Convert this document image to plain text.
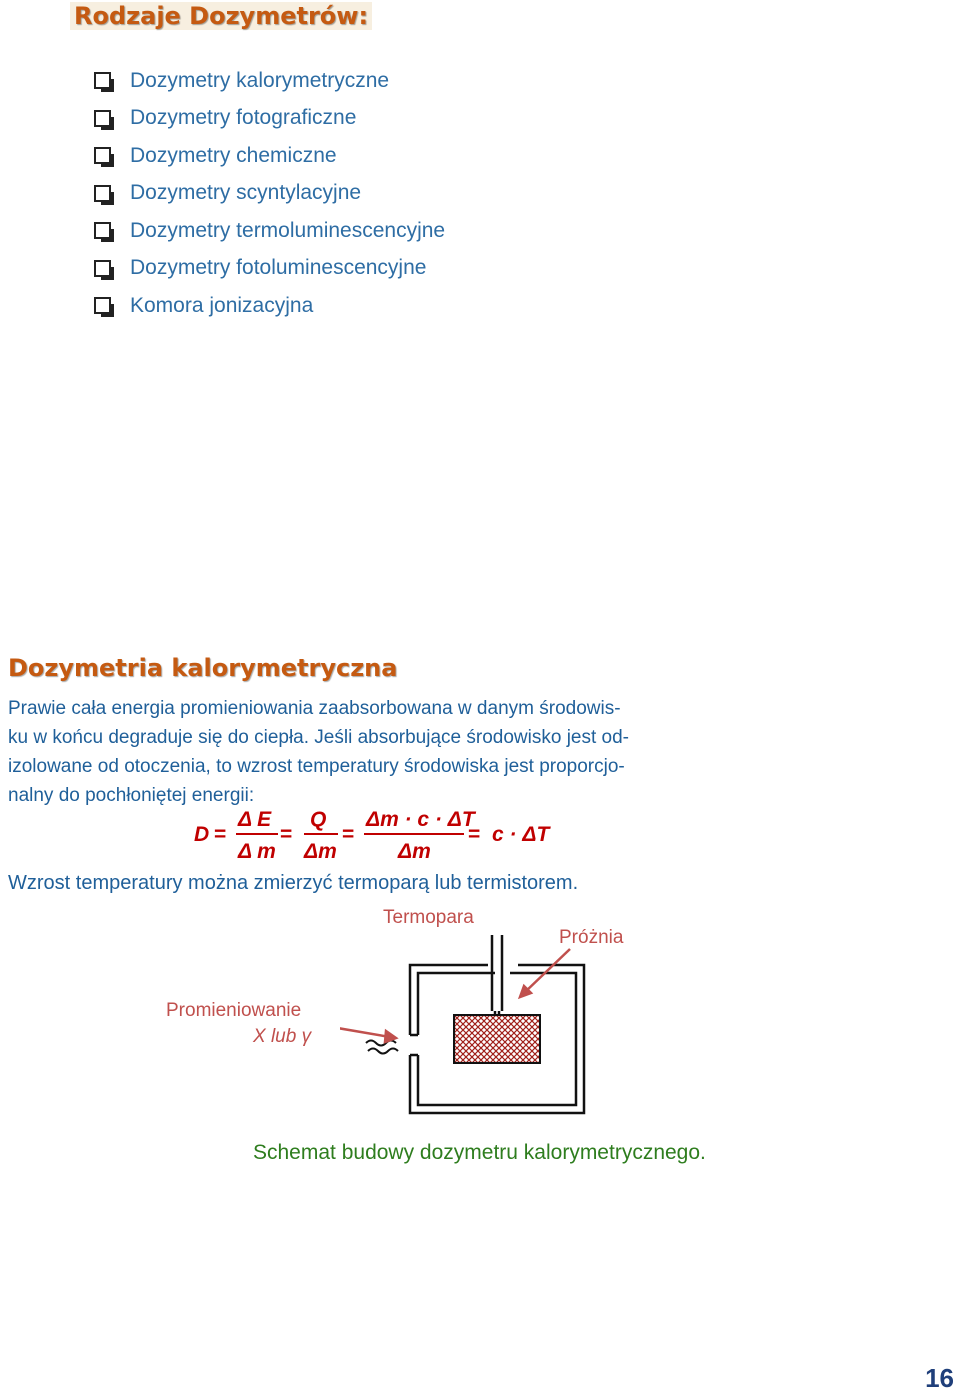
Rodzaje Dozymetrów:
Dozymetry kalorymetryczne
Dozymetry fotograficzne
Dozymetry chemiczne
Dozymetry scyntylacyjne
Dozymetry termoluminescencyjne
Dozymetry fotoluminescencyjne
Komora jonizacyjna
Dozymetria kalorymetryczna
Prawie cała energia promieniowania zaabsorbowana w danym środowis-
ku w końcu degraduje się do ciepła. Jeśli absorbujące środowisko jest od-
izolowane od otoczenia, to wzrost temperatury środowiska jest proporcjo-
nalny do pochłoniętej energii:
D =
Δ E
Δ m
=
Q
Δm
=
Δm · c · ΔT
Δm
= c · ΔT
Wzrost temperatury można zmierzyć termoparą lub termistorem.
Termopara
Próżnia
Promieniowanie
X lub γ
Schemat budowy dozymetru kalorymetrycznego.
16
